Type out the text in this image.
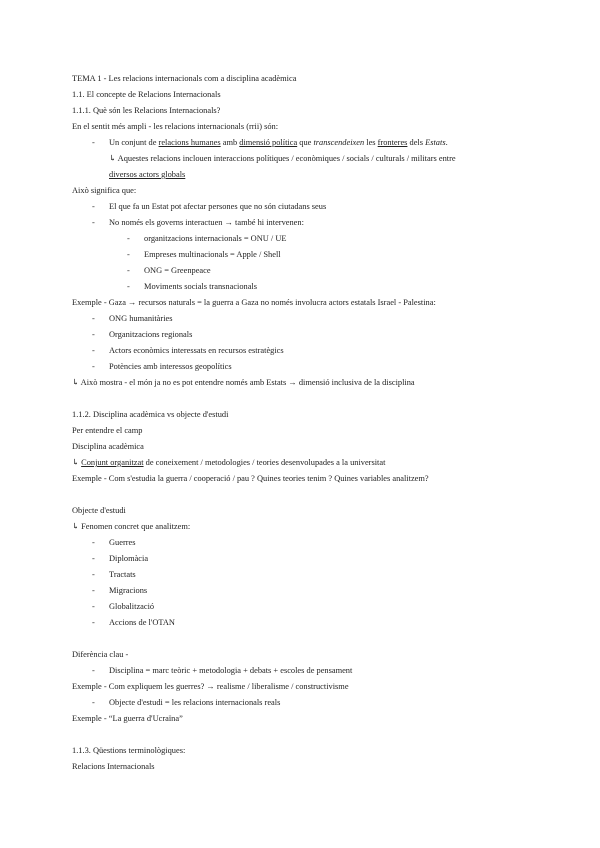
TEMA 1 - Les relacions internacionals com a disciplina acadèmica
1.1. El concepte de Relacions Internacionals
1.1.1. Què són les Relacions Internacionals?
En el sentit més ampli - les relacions internacionals (rrii) són:
- Un conjunt de relacions humanes amb dimensió política que transcendeixen les fronteres dels Estats.
↳ Aquestes relacions inclouen interaccions polítiques / econòmiques / socials / culturals / militars entre
diversos actors globals
Això significa que:
- El que fa un Estat pot afectar persones que no són ciutadans seus
- No només els governs interactuen → també hi intervenen:
- organitzacions internacionals = ONU / UE
- Empreses multinacionals = Apple / Shell
- ONG = Greenpeace
- Moviments socials transnacionals
Exemple - Gaza → recursos naturals = la guerra a Gaza no només involucra actors estatals Israel - Palestina:
- ONG humanitàries
- Organitzacions regionals
- Actors econòmics interessats en recursos estratègics
- Potències amb interessos geopolítics
↳ Això mostra - el món ja no es pot entendre només amb Estats → dimensió inclusiva de la disciplina
1.1.2. Disciplina acadèmica vs objecte d'estudi
Per entendre el camp
Disciplina acadèmica
↳ Conjunt organitzat de coneixement / metodologies / teories desenvolupades a la universitat
Exemple - Com s'estudia la guerra / cooperació / pau ? Quines teories tenim ? Quines variables analitzem?
Objecte d'estudi
↳ Fenomen concret que analitzem:
- Guerres
- Diplomàcia
- Tractats
- Migracions
- Globalització
- Accions de l'OTAN
Diferència clau -
- Disciplina = marc teòric + metodologia + debats + escoles de pensament
Exemple - Com expliquem les guerres? → realisme / liberalisme / constructivisme
- Objecte d'estudi = les relacions internacionals reals
Exemple - “La guerra d'Ucraïna”
1.1.3. Qüestions terminològiques:
Relacions Internacionals
